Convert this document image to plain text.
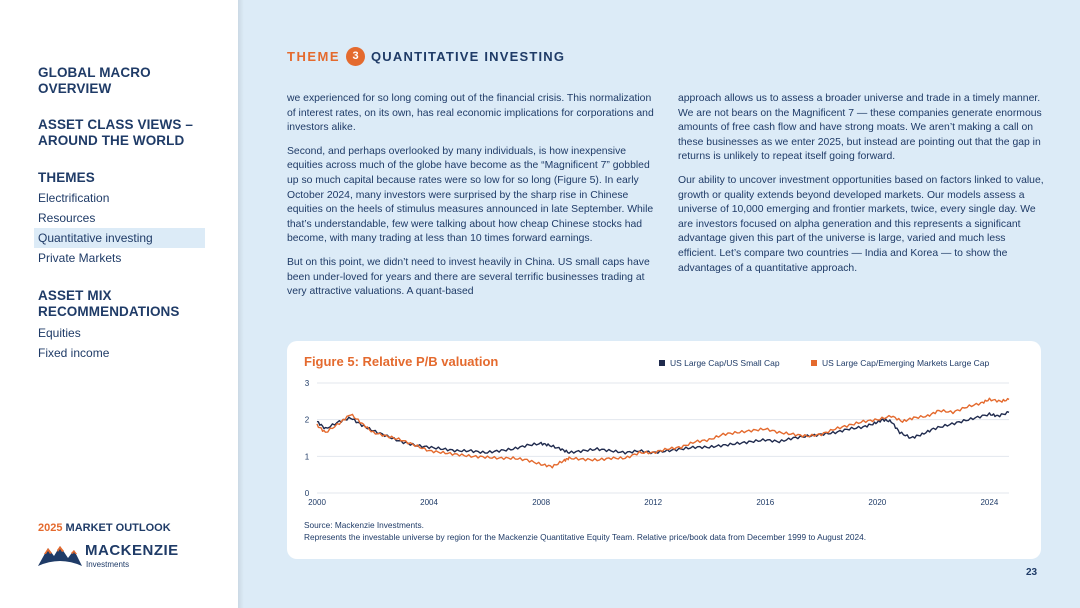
GLOBAL MACRO
OVERVIEW
ASSET CLASS VIEWS –
AROUND THE WORLD
THEMES
Electrification
Resources
Quantitative investing
Private Markets
ASSET MIX
RECOMMENDATIONS
Equities
Fixed income
2025 MARKET OUTLOOK
MACKENZIE
Investments
THEME	3 QUANTITATIVE INVESTING

we experienced for so long coming out of the financial crisis. This normalization of interest rates, on its own, has real economic implications for corporations and investors alike.

Second, and perhaps overlooked by many individuals, is how inexpensive equities across much of the globe have become as the “Magnificent 7” gobbled up so much capital because rates were so low for so long (Figure 5). In early October 2024, many investors were surprised by the sharp rise in Chinese equities on the heels of stimulus measures announced in late September. While that’s understandable, few were talking about how cheap Chinese stocks had become, with many trading at less than 10 times forward earnings.

But on this point, we didn’t need to invest heavily in China. US small caps have been under-loved for years and there are several terrific businesses trading at very attractive valuations. A quant-based

approach allows us to assess a broader universe and trade in a timely manner. We are not bears on the Magnificent 7 — these companies generate enormous amounts of free cash flow and have strong moats. We aren’t making a call on these businesses as we enter 2025, but instead are pointing out that the gap in returns is unlikely to repeat itself going forward.

Our ability to uncover investment opportunities based on factors linked to value, growth or quality extends beyond developed markets. Our models assess a universe of 10,000 emerging and frontier markets, twice, every single day. We are investors focused on alpha generation and this represents a significant advantage given this part of the universe is large, varied and much less efficient. Let’s compare two countries — India and Korea — to show the advantages of a quantitative approach.

0
1
2
3
2000	2004	2008	2012	2016	2020	2024
Figure 5: Relative P/B valuation	US Large Cap/US Small Cap	US Large Cap/Emerging Markets Large Cap
Source: Mackenzie Investments.
Represents the investable universe by region for the Mackenzie Quantitative Equity Team. Relative price/book data from December 1999 to August 2024.
23
